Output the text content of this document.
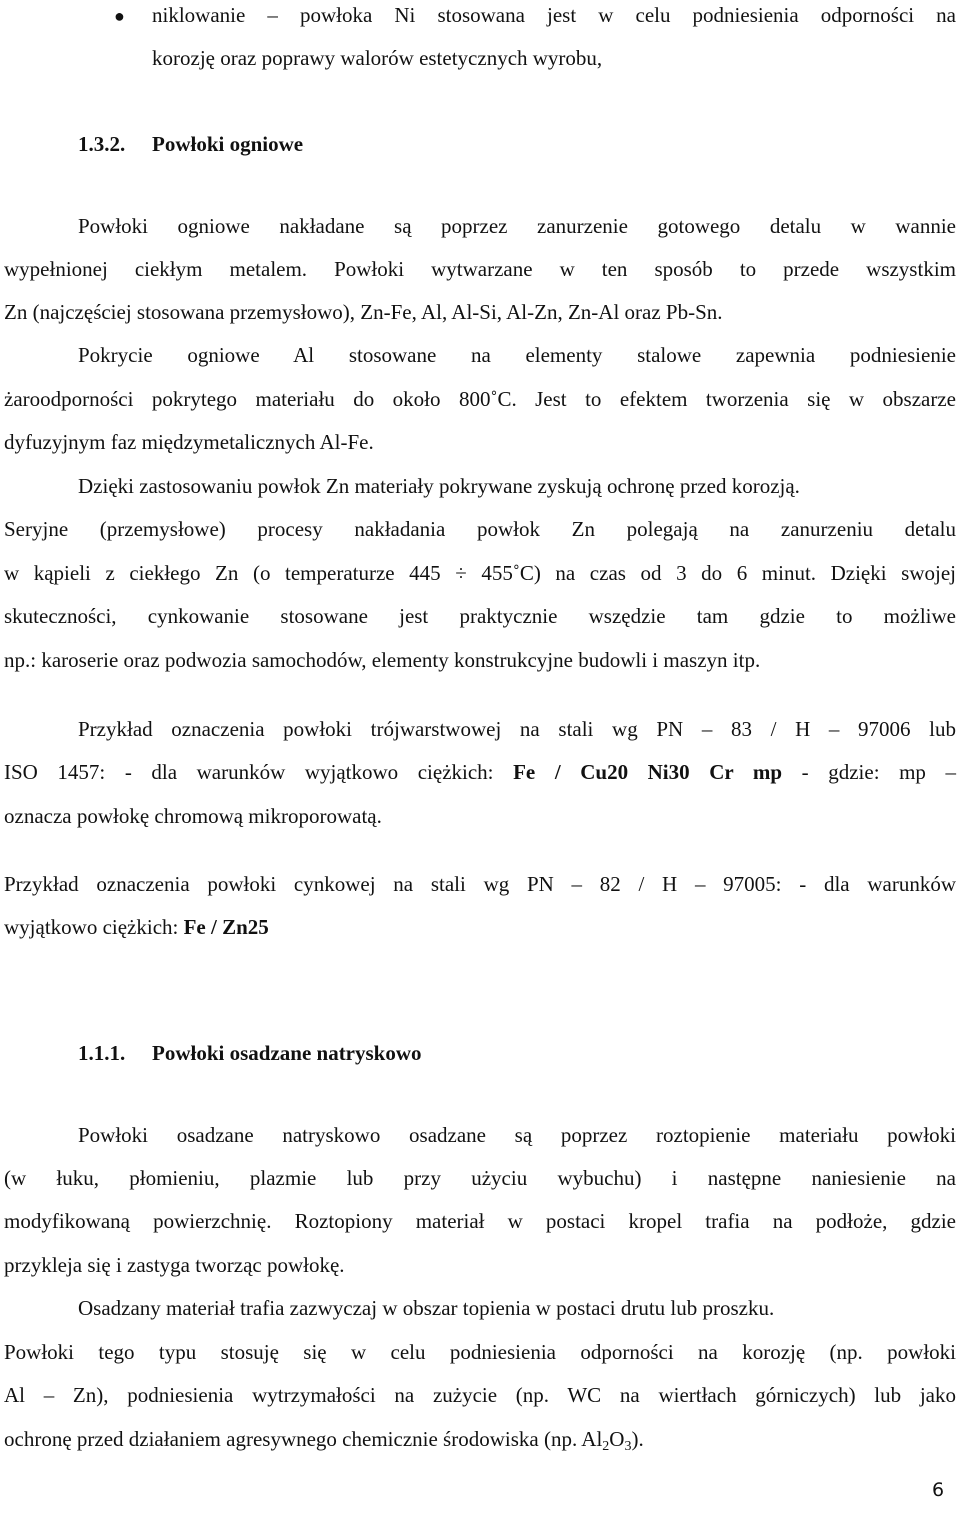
●	niklowanie – powłoka Ni stosowana jest w celu podniesienia odporności na
korozję oraz poprawy walorów estetycznych wyrobu,
1.3.2. Powłoki ogniowe
Powłoki ogniowe nakładane są poprzez zanurzenie gotowego detalu w wannie
wypełnionej ciekłym metalem. Powłoki wytwarzane w ten sposób to przede wszystkim
Zn (najczęściej stosowana przemysłowo), Zn-Fe, Al, Al-Si, Al-Zn, Zn-Al oraz Pb-Sn.
Pokrycie ogniowe Al stosowane na elementy stalowe zapewnia podniesienie
żaroodporności pokrytego materiału do około 800˚C. Jest to efektem tworzenia się w obszarze
dyfuzyjnym faz międzymetalicznych Al-Fe.
Dzięki zastosowaniu powłok Zn materiały pokrywane zyskują ochronę przed korozją.
Seryjne (przemysłowe) procesy nakładania powłok Zn polegają na zanurzeniu detalu
w kąpieli z ciekłego Zn (o temperaturze 445 ÷ 455˚C) na czas od 3 do 6 minut. Dzięki swojej
skuteczności, cynkowanie stosowane jest praktycznie wszędzie tam gdzie to możliwe
np.: karoserie oraz podwozia samochodów, elementy konstrukcyjne budowli i maszyn itp.
Przykład oznaczenia powłoki trójwarstwowej na stali wg PN – 83 / H – 97006 lub
ISO 1457: - dla warunków wyjątkowo ciężkich: Fe / Cu20 Ni30 Cr mp - gdzie: mp –
oznacza powłokę chromową mikroporowatą.
Przykład oznaczenia powłoki cynkowej na stali wg PN – 82 / H – 97005: - dla warunków
wyjątkowo ciężkich: Fe / Zn25
1.1.1. Powłoki osadzane natryskowo
Powłoki osadzane natryskowo osadzane są poprzez roztopienie materiału powłoki
(w łuku, płomieniu, plazmie lub przy użyciu wybuchu) i następne naniesienie na
modyfikowaną powierzchnię. Roztopiony materiał w postaci kropel trafia na podłoże, gdzie
przykleja się i zastyga tworząc powłokę.
Osadzany materiał trafia zazwyczaj w obszar topienia w postaci drutu lub proszku.
Powłoki tego typu stosuję się w celu podniesienia odporności na korozję (np. powłoki
Al – Zn), podniesienia wytrzymałości na zużycie (np. WC na wiertłach górniczych) lub jako
ochronę przed działaniem agresywnego chemicznie środowiska (np. $Al_2O_3$).
6
